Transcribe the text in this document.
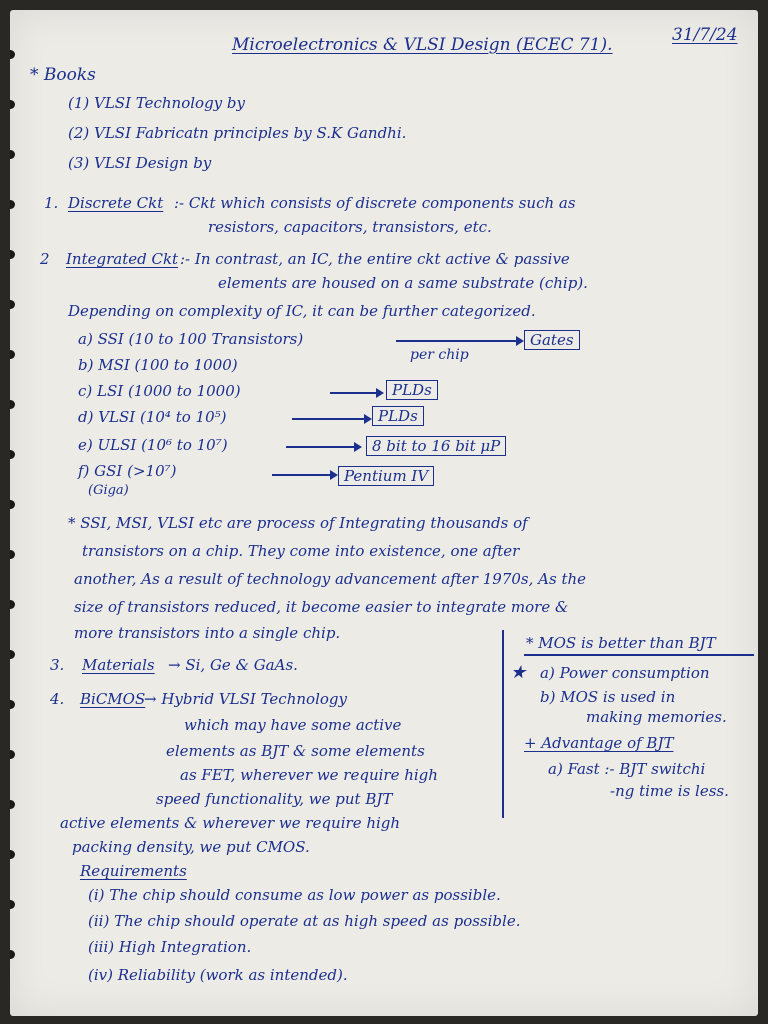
Microelectronics & VLSI Design (ECEC 71).	31/7/24
* Books
(1) VLSI Technology by
(2) VLSI Fabricatn principles by S.K Gandhi.
(3) VLSI Design by
1. Discrete Ckt :- Ckt which consists of discrete components such as
resistors, capacitors, transistors, etc.
2 Integrated Ckt :- In contrast, an IC, the entire ckt active & passive
elements are housed on a same substrate (chip).
Depending on complexity of IC, it can be further categorized.
a) SSI (10 to 100 Transistors)	Gates
b) MSI (100 to 1000)
per chip
c) LSI (1000 to 1000)	PLDs
d) VLSI (10⁴ to 10⁵)	PLDs
e) ULSI (10⁶ to 10⁷)	8 bit to 16 bit μP
f) GSI (>10⁷)
(Giga)
Pentium IV
* SSI, MSI, VLSI etc are process of Integrating thousands of
transistors on a chip. They come into existence, one after
another, As a result of technology advancement after 1970s, As the
size of transistors reduced, it become easier to integrate more &
more transistors into a single chip.
3. Materials → Si, Ge & GaAs.
4. BiCMOS
→ Hybrid VLSI Technology
which may have some active
elements as BJT & some elements
as FET, wherever we require high
speed functionality, we put BJT
active elements & wherever we require high
packing density, we put CMOS.
* MOS is better than BJT
★ a) Power consumption
b) MOS is used in
making memories.
+ Advantage of BJT
a) Fast :- BJT switchi
-ng time is less.
Requirements
(i) The chip should consume as low power as possible.
(ii) The chip should operate at as high speed as possible.
(iii) High Integration.
(iv) Reliability (work as intended).
